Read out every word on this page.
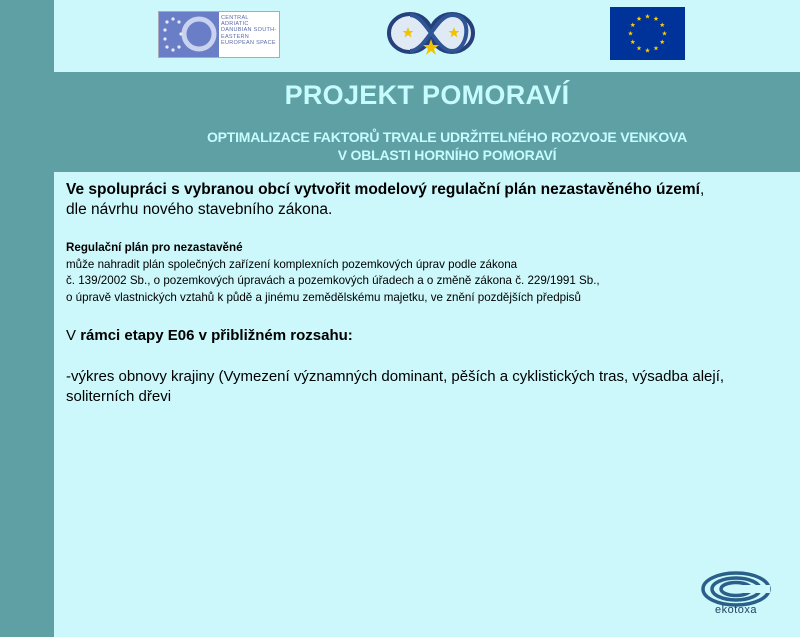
CENTRAL ADRIATIC DANUBIAN SOUTH-EASTERN EUROPEAN SPACE
PROJEKT POMORAVÍ
OPTIMALIZACE FAKTORŮ TRVALE UDRŽITELNÉHO ROZVOJE VENKOVA
V OBLASTI HORNÍHO POMORAVÍ
Ve spolupráci s vybranou obcí vytvořit modelový regulační plán nezastavěného území,
dle návrhu nového stavebního zákona.
Regulační plán pro nezastavěné
může nahradit plán společných zařízení komplexních pozemkových úprav podle zákona
č. 139/2002 Sb., o pozemkových úpravách a pozemkových úřadech a o změně zákona č. 229/1991 Sb.,
o úpravě vlastnických vztahů k půdě a jinému zemědělskému majetku, ve znění pozdějších předpisů
V rámci etapy E06 v přibližném rozsahu:
-výkres obnovy krajiny (Vymezení významných dominant, pěších a cyklistických tras, výsadba alejí,
soliterních dřevi
ekotoxa
